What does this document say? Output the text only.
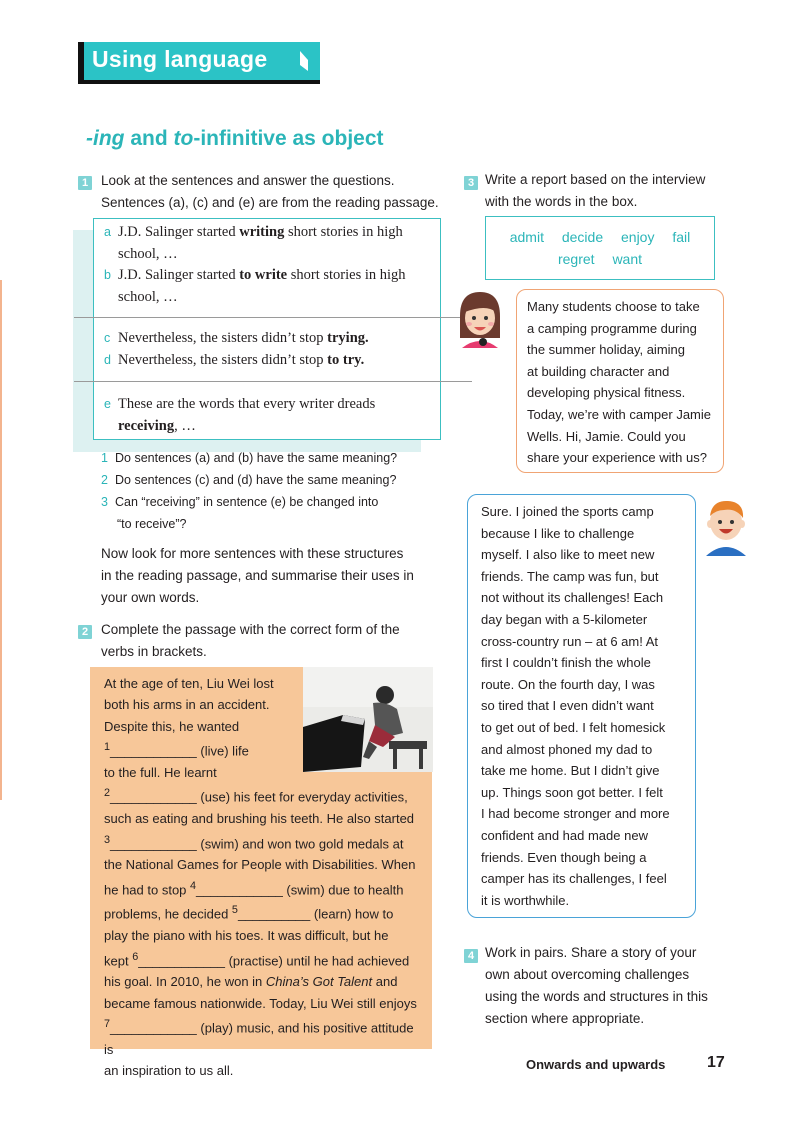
Using language
-ing and to-infinitive as object
1 Look at the sentences and answer the questions.
Sentences (a), (c) and (e) are from the reading passage.
a J.D. Salinger started writing short stories in high
school, …
b J.D. Salinger started to write short stories in high
school, …
c Nevertheless, the sisters didn’t stop trying.
d Nevertheless, the sisters didn’t stop to try.
e These are the words that every writer dreads
receiving, …
1 Do sentences (a) and (b) have the same meaning?
2 Do sentences (c) and (d) have the same meaning?
3 Can “receiving” in sentence (e) be changed into
“to receive”?
Now look for more sentences with these structures
in the reading passage, and summarise their uses in
your own words.
2 Complete the passage with the correct form of the
verbs in brackets.
At the age of ten, Liu Wei lost
both his arms in an accident.
Despite this, he wanted
$^1$____________ (live) life
to the full. He learnt
$^2$____________ (use) his feet for everyday activities,
such as eating and brushing his teeth. He also started
$^3$____________ (swim) and won two gold medals at
the National Games for People with Disabilities. When
he had to stop $^4$____________ (swim) due to health
problems, he decided $^5$__________ (learn) how to
play the piano with his toes. It was difficult, but he
kept $^6$____________ (practise) until he had achieved
his goal. In 2010, he won in China’s Got Talent and
became famous nationwide. Today, Liu Wei still enjoys
$^7$____________ (play) music, and his positive attitude is
an inspiration to us all.
3 Write a report based on the interview
with the words in the box.
admit decide enjoy fail
regret want
Many students choose to take
a camping programme during
the summer holiday, aiming
at building character and
developing physical fitness.
Today, we’re with camper Jamie
Wells. Hi, Jamie. Could you
share your experience with us?
Sure. I joined the sports camp
because I like to challenge
myself. I also like to meet new
friends. The camp was fun, but
not without its challenges! Each
day began with a 5-kilometer
cross-country run – at 6 am! At
first I couldn’t finish the whole
route. On the fourth day, I was
so tired that I even didn’t want
to get out of bed. I felt homesick
and almost phoned my dad to
take me home. But I didn’t give
up. Things soon got better. I felt
I had become stronger and more
confident and had made new
friends. Even though being a
camper has its challenges, I feel
it is worthwhile.
4 Work in pairs. Share a story of your
own about overcoming challenges
using the words and structures in this
section where appropriate.
Onwards and upwards	17
